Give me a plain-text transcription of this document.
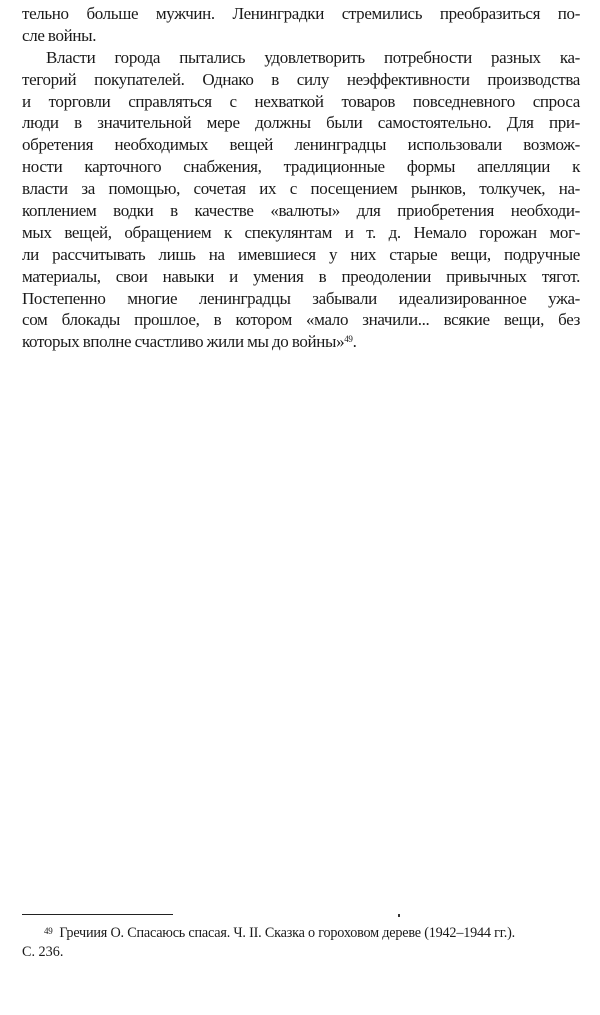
тельно больше мужчин. Ленинградки стремились преобразиться по-
сле войны.
Власти города пытались удовлетворить потребности разных ка-
тегорий покупателей. Однако в силу неэффективности производства
и торговли справляться с нехваткой товаров повседневного спроса
люди в значительной мере должны были самостоятельно. Для при-
обретения необходимых вещей ленинградцы использовали возмож-
ности карточного снабжения, традиционные формы апелляции к
власти за помощью, сочетая их с посещением рынков, толкучек, на-
коплением водки в качестве «валюты» для приобретения необходи-
мых вещей, обращением к спекулянтам и т. д. Немало горожан мог-
ли рассчитывать лишь на имевшиеся у них старые вещи, подручные
материалы, свои навыки и умения в преодолении привычных тягот.
Постепенно многие ленинградцы забывали идеализированное ужа-
сом блокады прошлое, в котором «мало значили... всякие вещи, без
которых вполне счастливо жили мы до войны»$^{49}$.
$^{49}$ Гречиия О. Спасаюсь спасая. Ч. II. Сказка о гороховом дереве (1942–1944 гг.).
С. 236.
